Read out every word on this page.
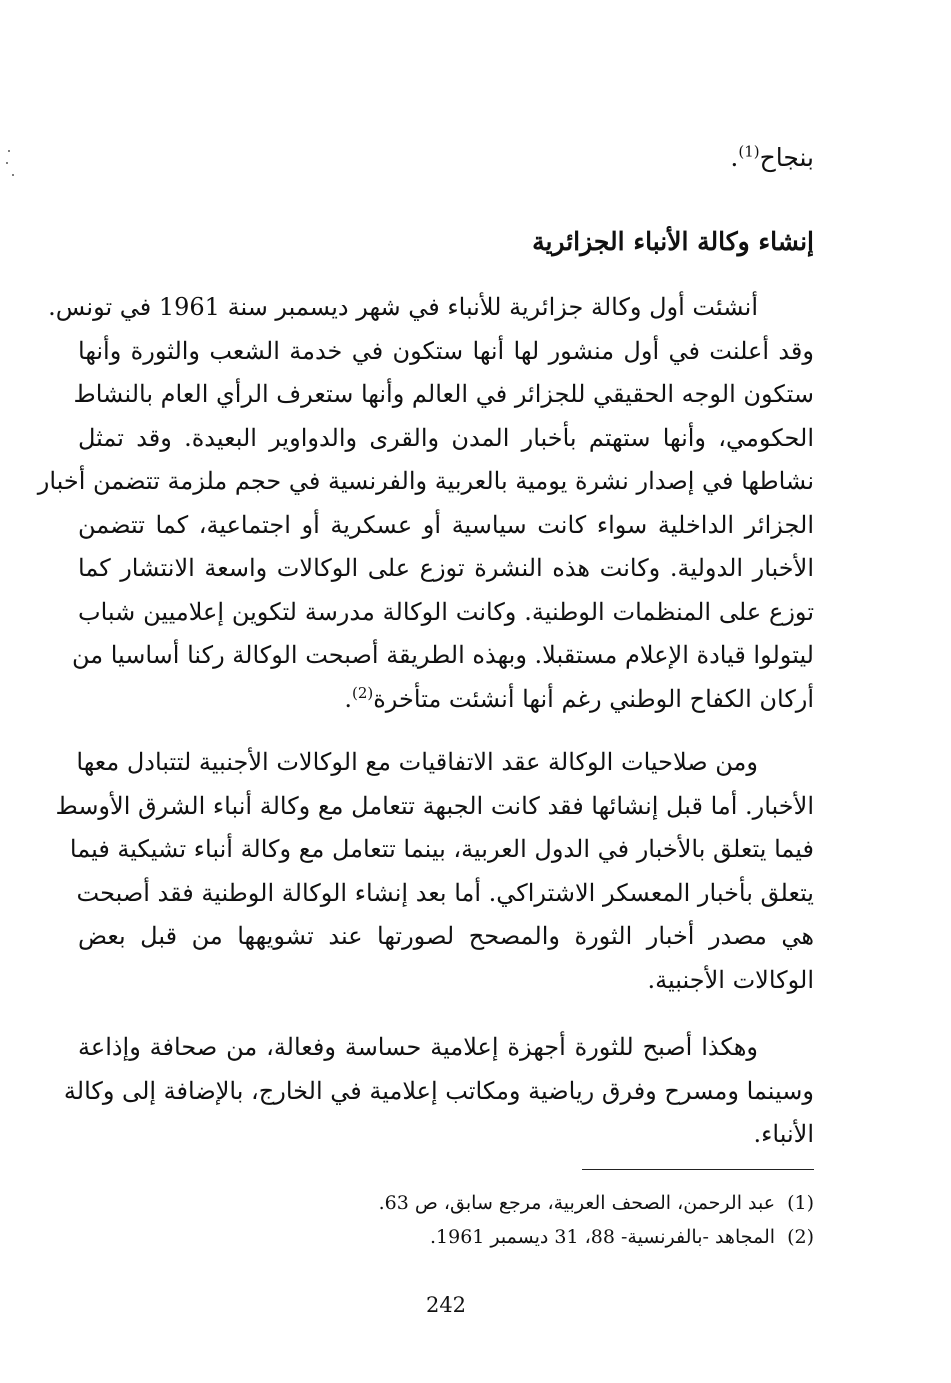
بنجاح$^{(1)}$.
إنشاء وكالة الأنباء الجزائرية

أنشئت أول وكالة جزائرية للأنباء في شهر ديسمبر سنة 1961 في تونس.
وقد أعلنت في أول منشور لها أنها ستكون في خدمة الشعب والثورة وأنها
ستكون الوجه الحقيقي للجزائر في العالم وأنها ستعرف الرأي العام بالنشاط
الحكومي، وأنها ستهتم بأخبار المدن والقرى والدواوير البعيدة. وقد تمثل
نشاطها في إصدار نشرة يومية بالعربية والفرنسية في حجم ملزمة تتضمن أخبار
الجزائر الداخلية سواء كانت سياسية أو عسكرية أو اجتماعية، كما تتضمن
الأخبار الدولية. وكانت هذه النشرة توزع على الوكالات واسعة الانتشار كما
توزع على المنظمات الوطنية. وكانت الوكالة مدرسة لتكوين إعلاميين شباب
ليتولوا قيادة الإعلام مستقبلا. وبهذه الطريقة أصبحت الوكالة ركنا أساسيا من
أركان الكفاح الوطني رغم أنها أنشئت متأخرة$^{(2)}$.

ومن صلاحيات الوكالة عقد الاتفاقيات مع الوكالات الأجنبية لتتبادل معها
الأخبار. أما قبل إنشائها فقد كانت الجبهة تتعامل مع وكالة أنباء الشرق الأوسط
فيما يتعلق بالأخبار في الدول العربية، بينما تتعامل مع وكالة أنباء تشيكية فيما
يتعلق بأخبار المعسكر الاشتراكي. أما بعد إنشاء الوكالة الوطنية فقد أصبحت
هي مصدر أخبار الثورة والمصحح لصورتها عند تشويهها من قبل بعض
الوكالات الأجنبية.

وهكذا أصبح للثورة أجهزة إعلامية حساسة وفعالة، من صحافة وإذاعة
وسينما ومسرح وفرق رياضية ومكاتب إعلامية في الخارج، بالإضافة إلى وكالة
الأنباء.

(1)عبد الرحمن، الصحف العربية، مرجع سابق، ص 63.
(2)المجاهد -بالفرنسية- 88، 31 ديسمبر 1961.
242
